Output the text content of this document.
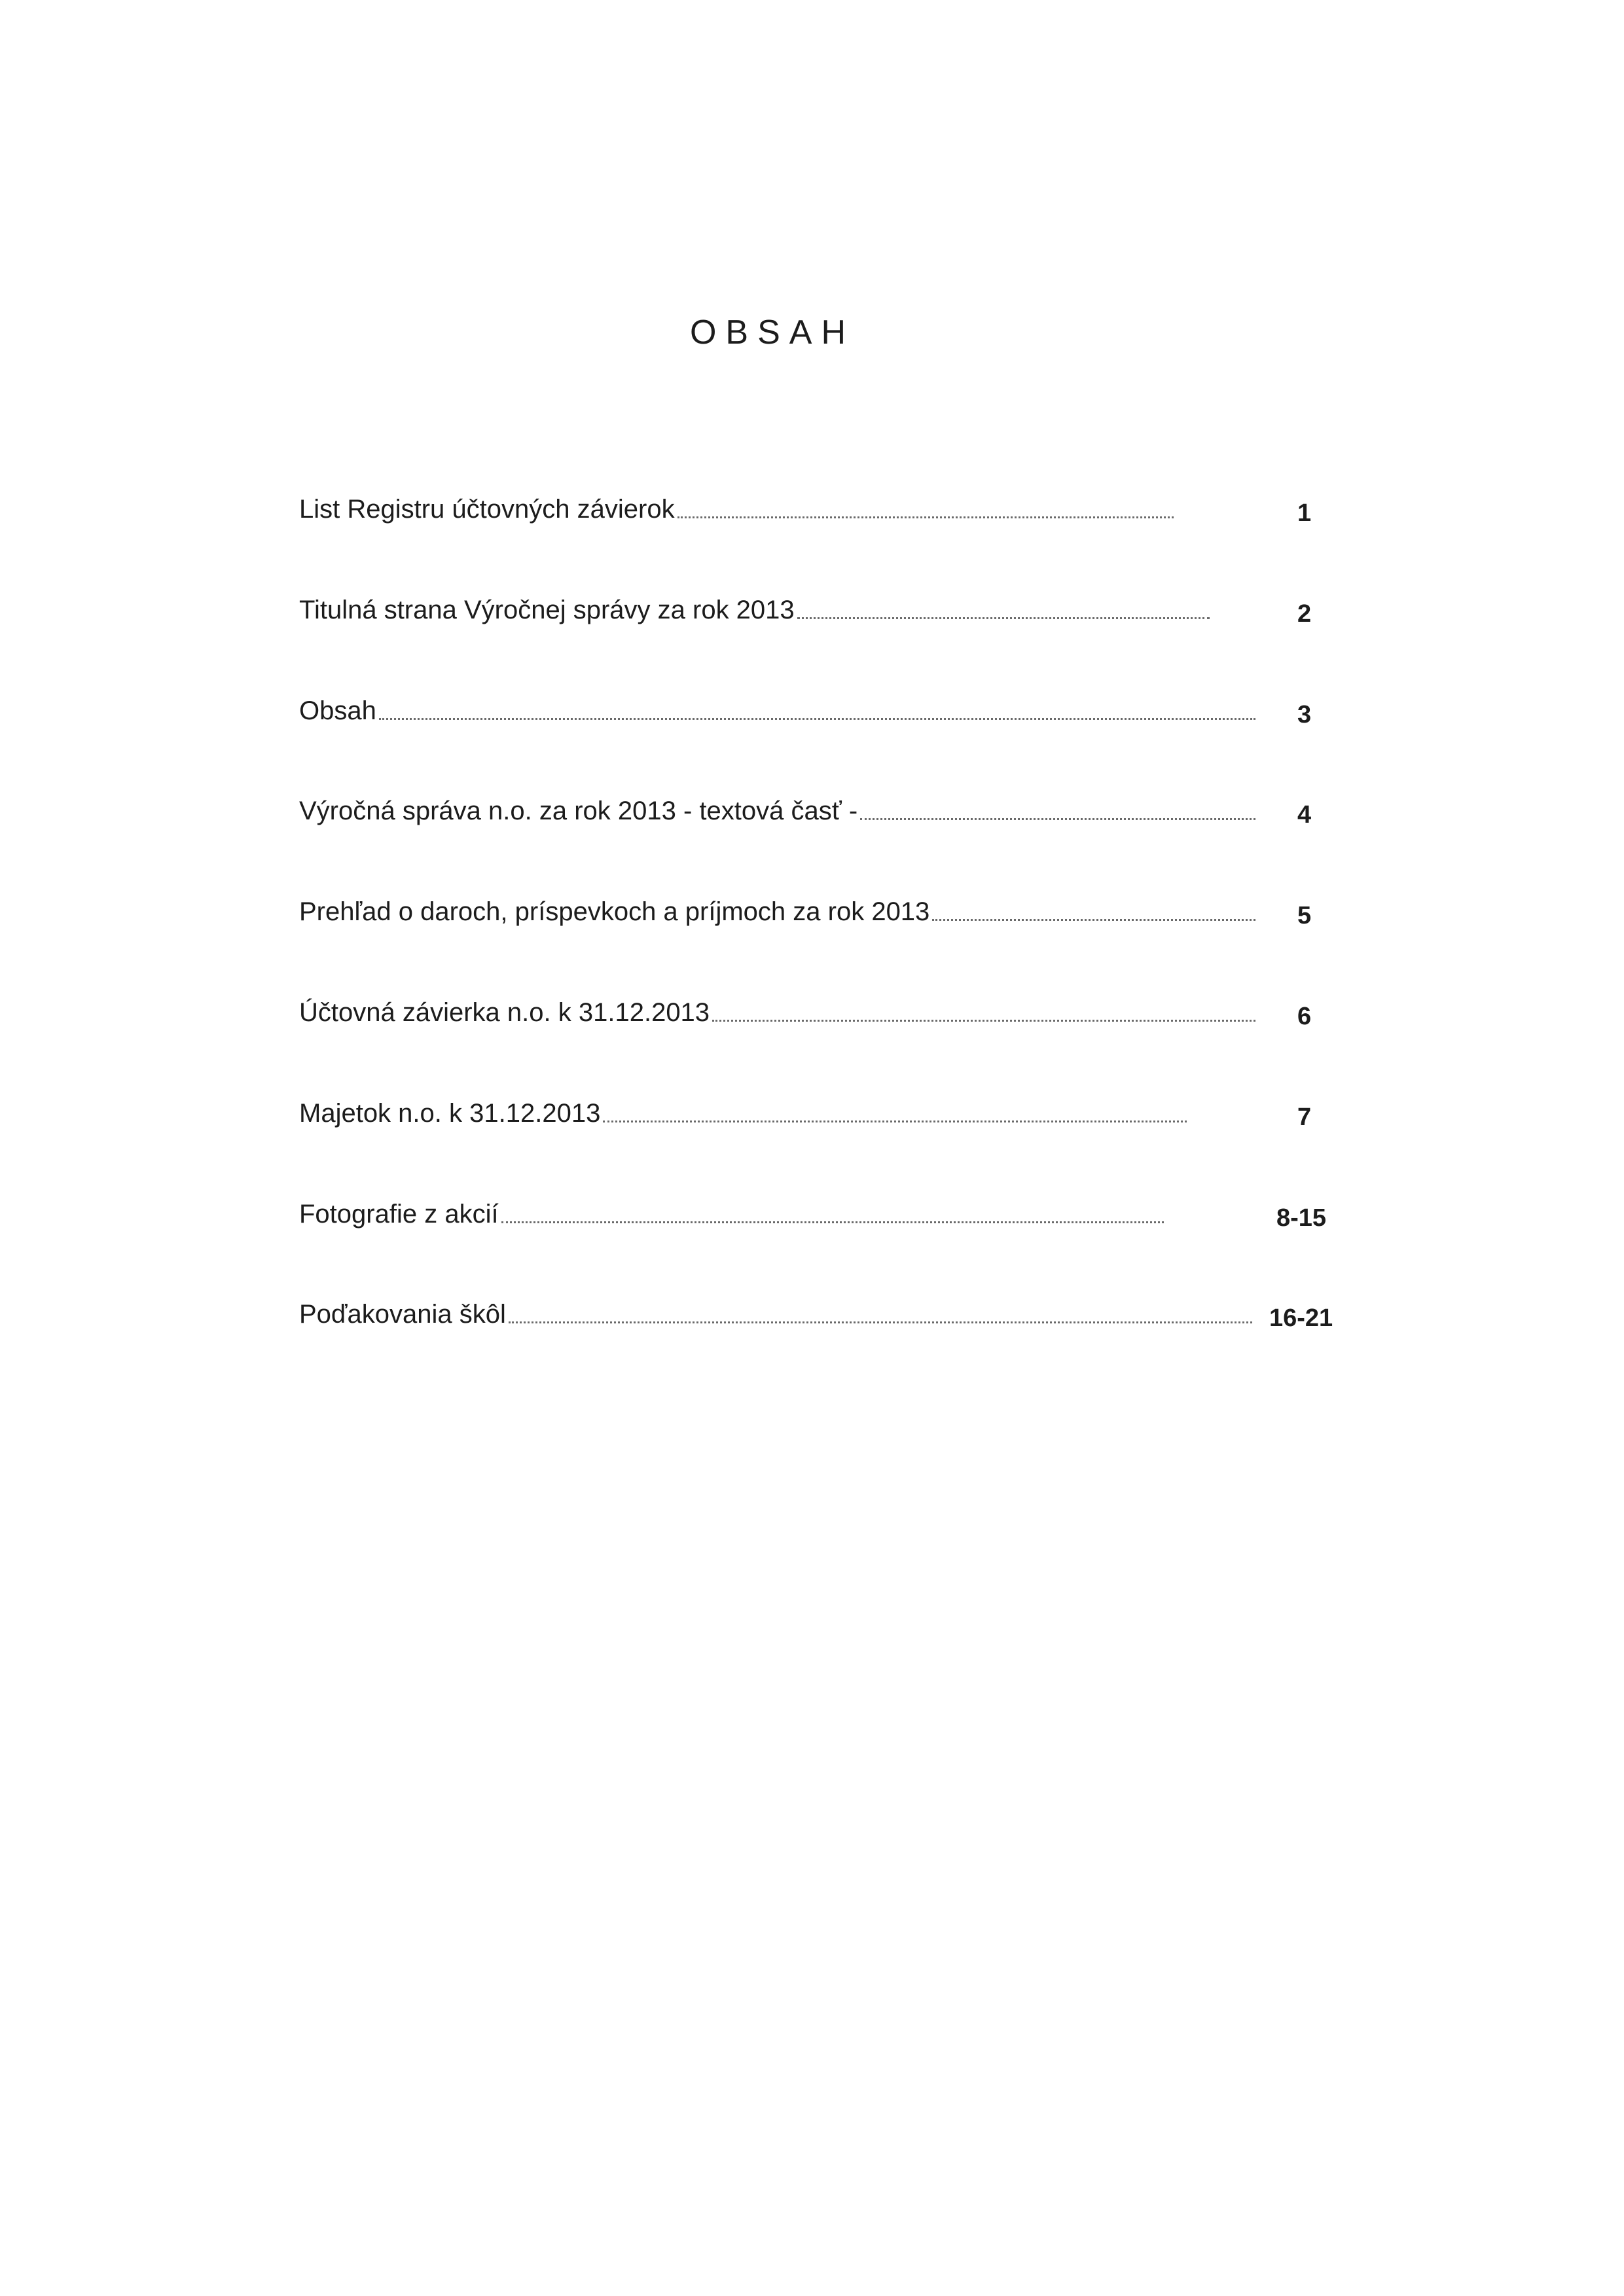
OBSAH
List Registru účtovných závierok	1
Titulná strana Výročnej správy za rok 2013	2
Obsah	3
Výročná správa n.o. za rok 2013 - textová časť -	4
Prehľad o daroch, príspevkoch a príjmoch za rok 2013	5
Účtovná závierka n.o. k 31.12.2013	6
Majetok n.o. k 31.12.2013	7
Fotografie z akcií	8-15
Poďakovania škôl	16-21
